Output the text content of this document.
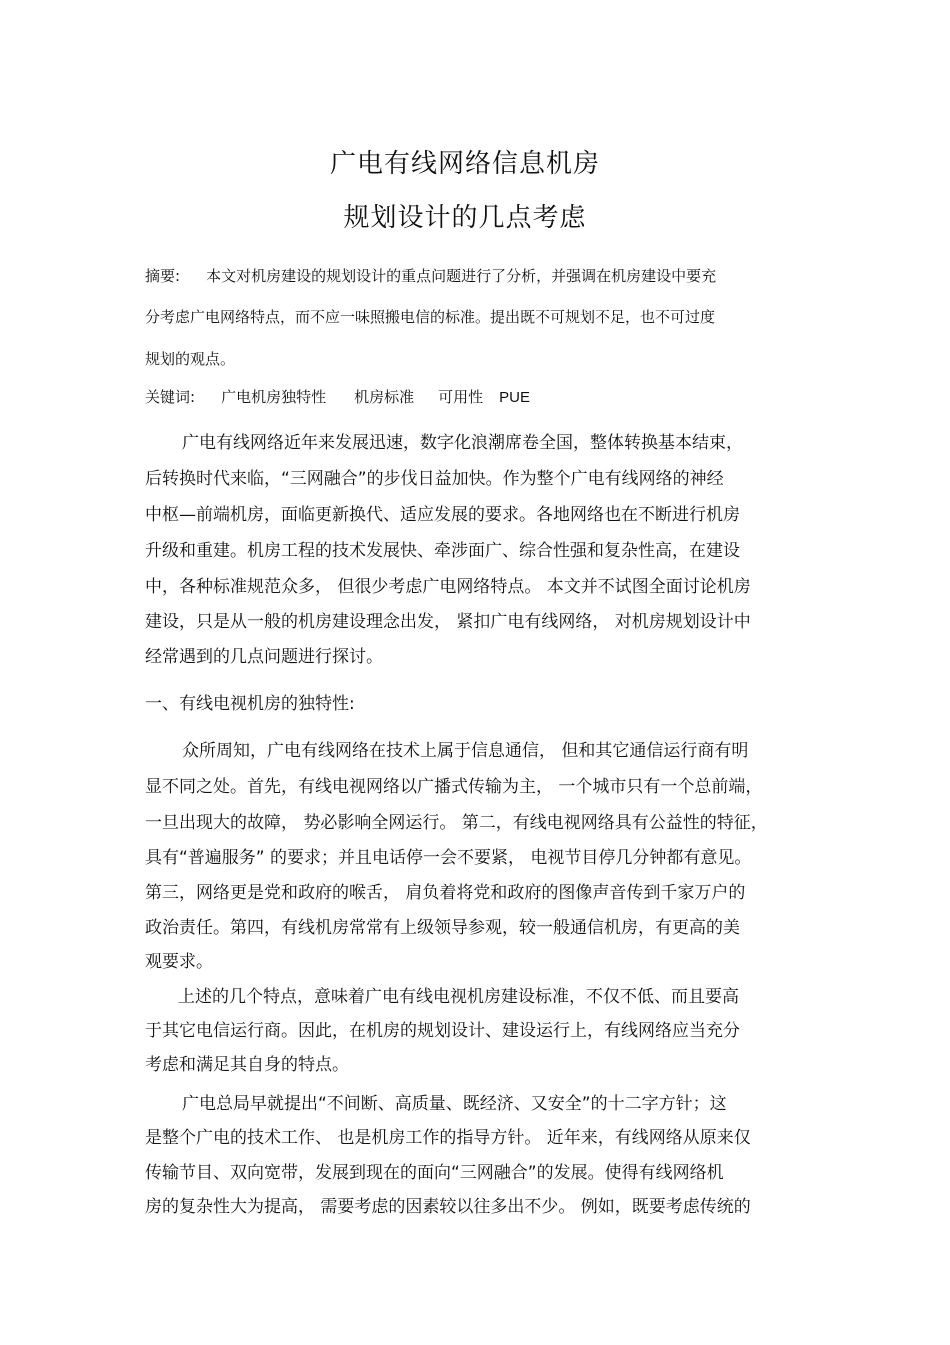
广电有线网络信息机房
规划设计的几点考虑
摘要: 本文对机房建设的规划设计的重点问题进行了分析，并强调在机房建设中要充
分考虑广电网络特点，而不应一味照搬电信的标准。提出既不可规划不足，也不可过度
规划的观点。
关键词: 广电机房独特性 机房标准 可用性 PUE
广电有线网络近年来发展迅速，数字化浪潮席卷全国，整体转换基本结束，
后转换时代来临，“三网融合”的步伐日益加快。作为整个广电有线网络的神经
中枢—前端机房，面临更新换代、适应发展的要求。各地网络也在不断进行机房
升级和重建。机房工程的技术发展快、牵涉面广、综合性强和复杂性高，在建设
中，各种标准规范众多， 但很少考虑广电网络特点。 本文并不试图全面讨论机房
建设，只是从一般的机房建设理念出发， 紧扣广电有线网络， 对机房规划设计中
经常遇到的几点问题进行探讨。
一、有线电视机房的独特性:
众所周知，广电有线网络在技术上属于信息通信， 但和其它通信运行商有明
显不同之处。首先，有线电视网络以广播式传输为主， 一个城市只有一个总前端，
一旦出现大的故障， 势必影响全网运行。 第二，有线电视网络具有公益性的特征，
具有“普遍服务” 的要求；并且电话停一会不要紧， 电视节目停几分钟都有意见。
第三，网络更是党和政府的喉舌， 肩负着将党和政府的图像声音传到千家万户的
政治责任。第四，有线机房常常有上级领导参观，较一般通信机房，有更高的美
观要求。
上述的几个特点，意味着广电有线电视机房建设标准，不仅不低、而且要高
于其它电信运行商。因此，在机房的规划设计、建设运行上，有线网络应当充分
考虑和满足其自身的特点。
广电总局早就提出“不间断、高质量、既经济、又安全”的十二字方针；这
是整个广电的技术工作、 也是机房工作的指导方针。 近年来，有线网络从原来仅
传输节目、双向宽带，发展到现在的面向“三网融合”的发展。使得有线网络机
房的复杂性大为提高， 需要考虑的因素较以往多出不少。 例如，既要考虑传统的
